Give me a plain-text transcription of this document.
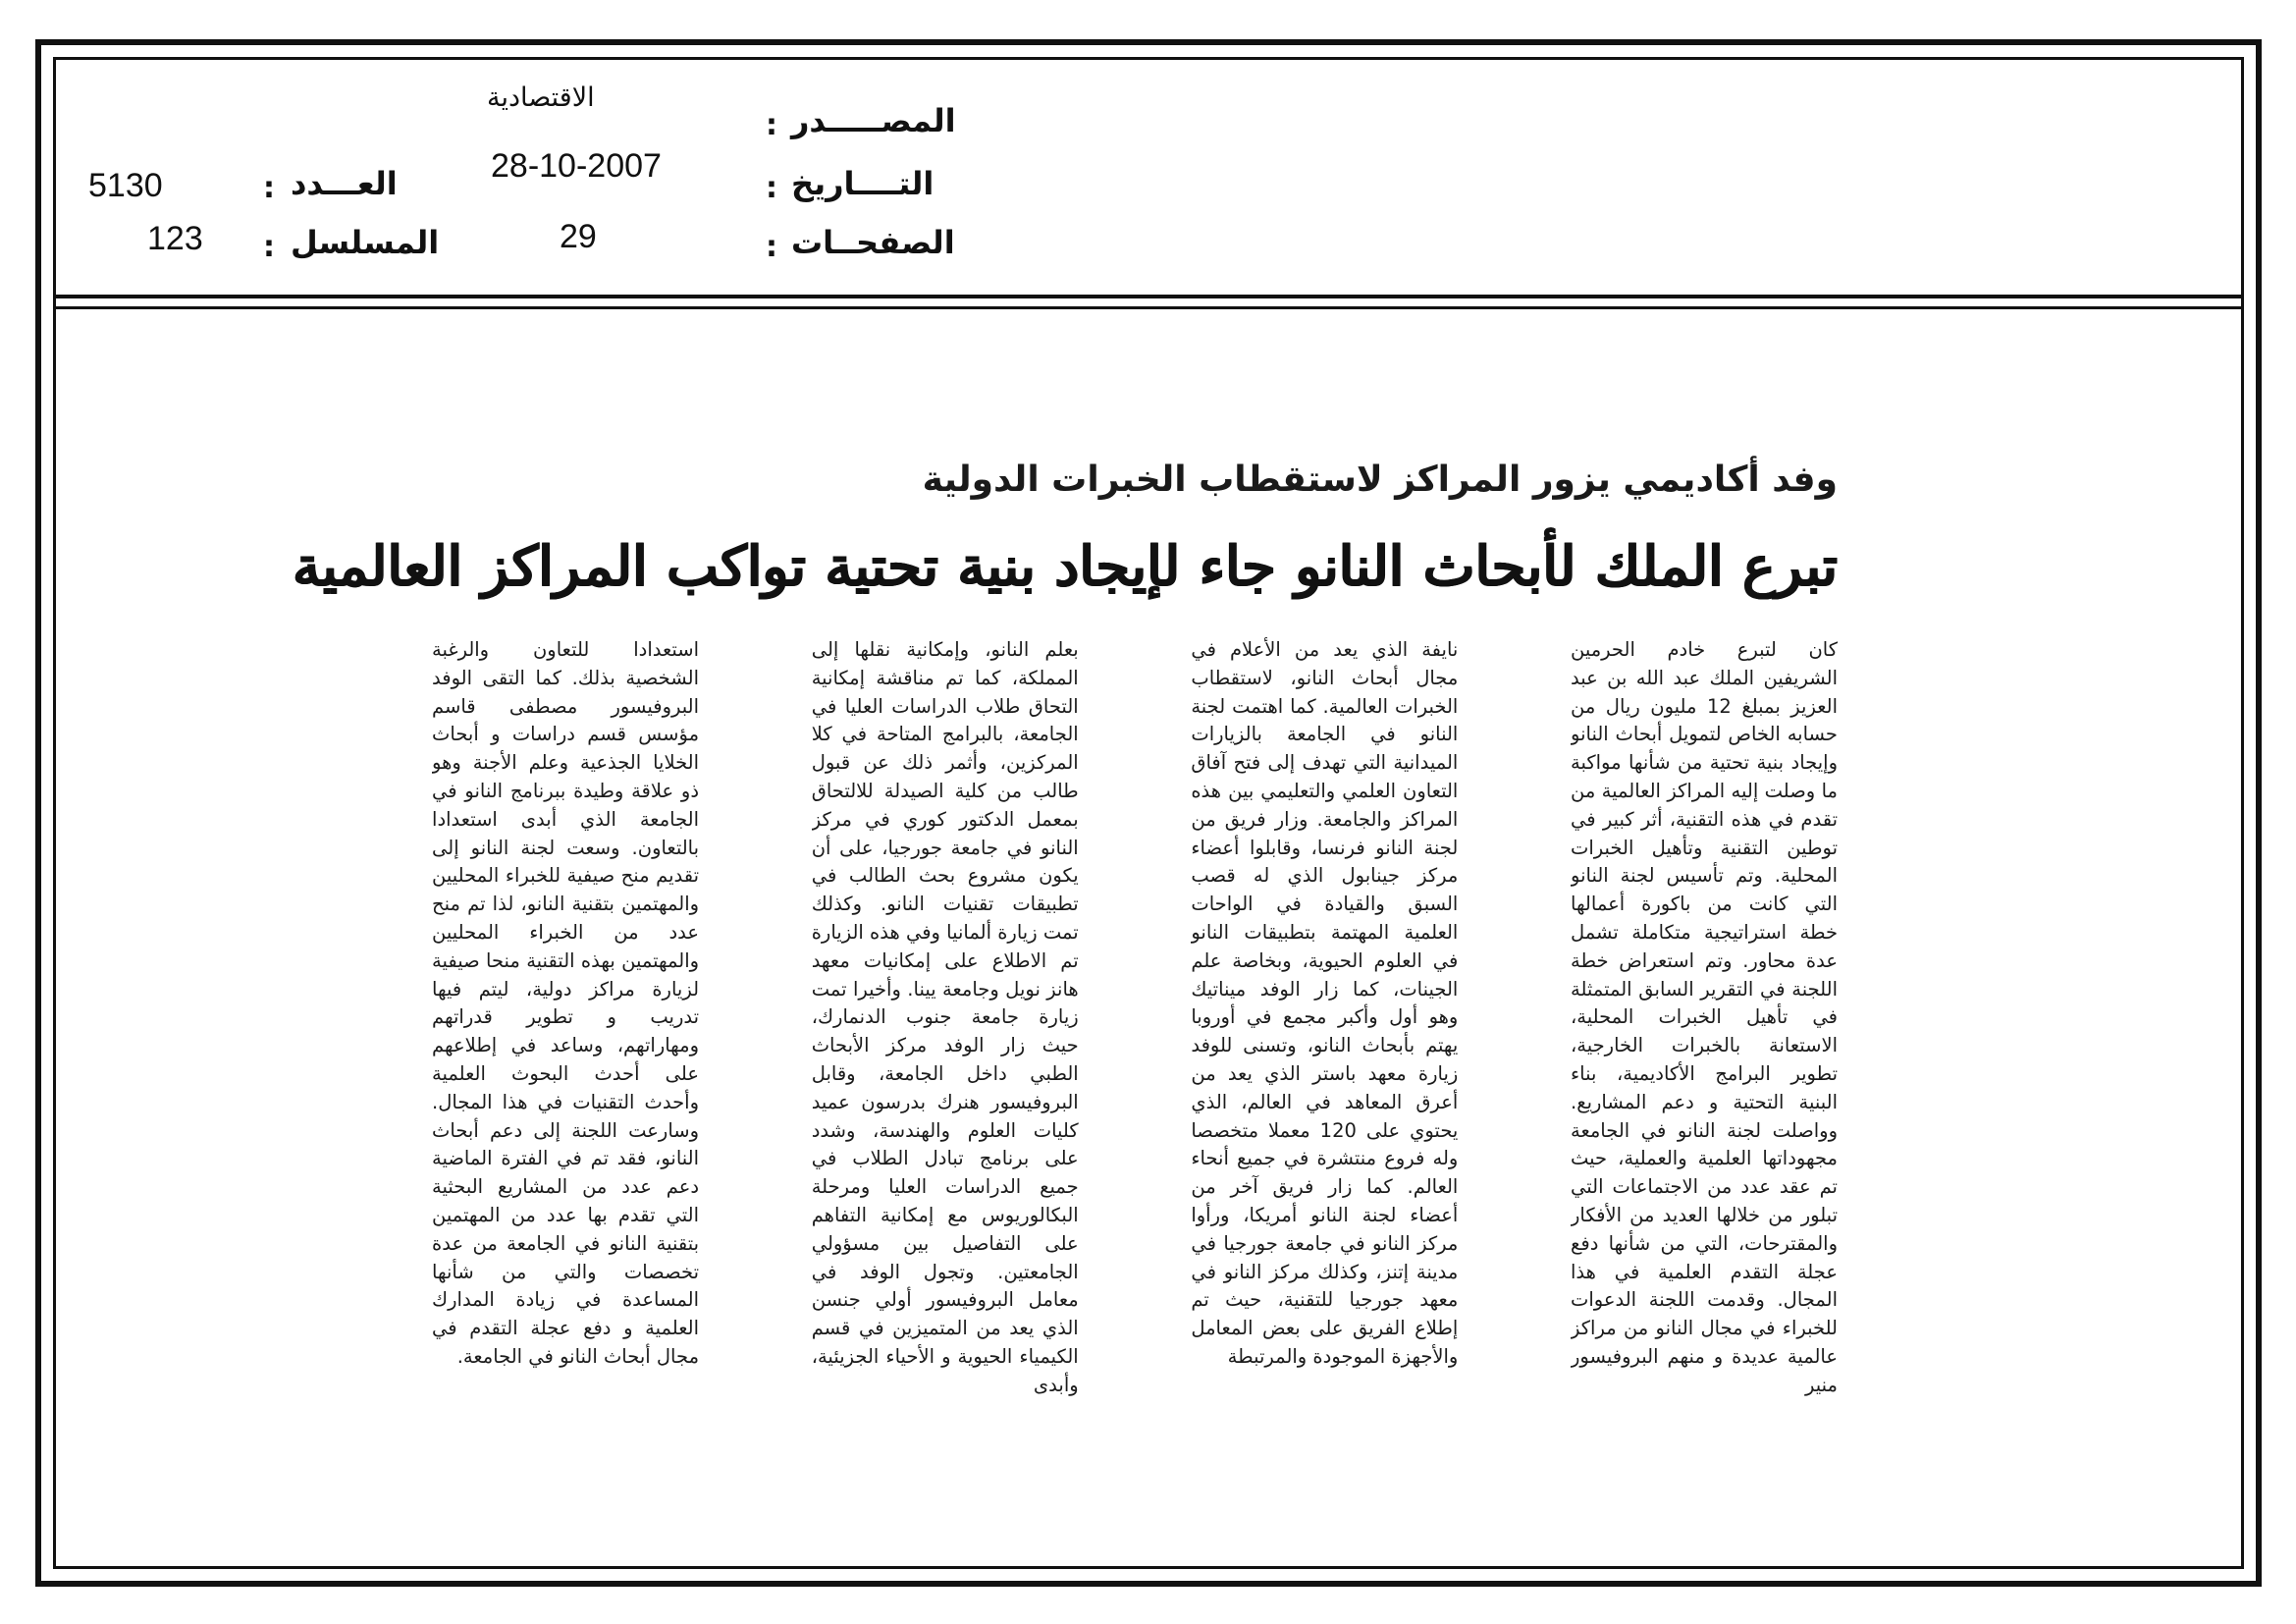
المصـــــدر
:
التــــاريخ
:
الصفحــات
:
الاقتصادية
28-10-2007
29
العـــدد
:
المسلسل
:
5130
123
وفد أكاديمي يزور المراكز لاستقطاب الخبرات الدولية
تبرع الملك لأبحاث النانو جاء لإيجاد بنية تحتية تواكب المراكز العالمية

كان لتبرع خادم الحرمين الشريفين الملك عبد الله بن عبد العزيز بمبلغ 12 مليون ريال من حسابه الخاص لتمويل أبحاث النانو وإيجاد بنية تحتية من شأنها مواكبة ما وصلت إليه المراكز العالمية من تقدم في هذه التقنية، أثر كبير في توطين التقنية وتأهيل الخبرات المحلية. وتم تأسيس لجنة النانو التي كانت من باكورة أعمالها خطة استراتيجية متكاملة تشمل عدة محاور. وتم استعراض خطة اللجنة في التقرير السابق المتمثلة في تأهيل الخبرات المحلية، الاستعانة بالخبرات الخارجية، تطوير البرامج الأكاديمية، بناء البنية التحتية و دعم المشاريع. وواصلت لجنة النانو في الجامعة مجهوداتها العلمية والعملية، حيث تم عقد عدد من الاجتماعات التي تبلور من خلالها العديد من الأفكار والمقترحات، التي من شأنها دفع عجلة التقدم العلمية في هذا المجال. وقدمت اللجنة الدعوات للخبراء في مجال النانو من مراكز عالمية عديدة و منهم البروفيسور منير

نايفة الذي يعد من الأعلام في مجال أبحاث النانو، لاستقطاب الخبرات العالمية. كما اهتمت لجنة النانو في الجامعة بالزيارات الميدانية التي تهدف إلى فتح آفاق التعاون العلمي والتعليمي بين هذه المراكز والجامعة. وزار فريق من لجنة النانو فرنسا، وقابلوا أعضاء مركز جينابول الذي له قصب السبق والقيادة في الواحات العلمية المهتمة بتطبيقات النانو في العلوم الحيوية، وبخاصة علم الجينات، كما زار الوفد ميناتيك وهو أول وأكبر مجمع في أوروبا يهتم بأبحاث النانو، وتسنى للوفد زيارة معهد باستر الذي يعد من أعرق المعاهد في العالم، الذي يحتوي على 120 معملا متخصصا وله فروع منتشرة في جميع أنحاء العالم. كما زار فريق آخر من أعضاء لجنة النانو أمريكا، ورأوا مركز النانو في جامعة جورجيا في مدينة إتنز، وكذلك مركز النانو في معهد جورجيا للتقنية، حيث تم إطلاع الفريق على بعض المعامل والأجهزة الموجودة والمرتبطة

بعلم النانو، وإمكانية نقلها إلى المملكة، كما تم مناقشة إمكانية التحاق طلاب الدراسات العليا في الجامعة، بالبرامج المتاحة في كلا المركزين، وأثمر ذلك عن قبول طالب من كلية الصيدلة للالتحاق بمعمل الدكتور كوري في مركز النانو في جامعة جورجيا، على أن يكون مشروع بحث الطالب في تطبيقات تقنيات النانو. وكذلك تمت زيارة ألمانيا وفي هذه الزيارة تم الاطلاع على إمكانيات معهد هانز نويل وجامعة يينا. وأخيرا تمت زيارة جامعة جنوب الدنمارك، حيث زار الوفد مركز الأبحاث الطبي داخل الجامعة، وقابل البروفيسور هنرك بدرسون عميد كليات العلوم والهندسة، وشدد على برنامج تبادل الطلاب في جميع الدراسات العليا ومرحلة البكالوريوس مع إمكانية التفاهم على التفاصيل بين مسؤولي الجامعتين. وتجول الوفد في معامل البروفيسور أولي جنسن الذي يعد من المتميزين في قسم الكيمياء الحيوية و الأحياء الجزيئية، وأبدى

استعدادا للتعاون والرغبة الشخصية بذلك. كما التقى الوفد البروفيسور مصطفى قاسم مؤسس قسم دراسات و أبحاث الخلايا الجذعية وعلم الأجنة وهو ذو علاقة وطيدة ببرنامج النانو في الجامعة الذي أبدى استعدادا بالتعاون. وسعت لجنة النانو إلى تقديم منح صيفية للخبراء المحليين والمهتمين بتقنية النانو، لذا تم منح عدد من الخبراء المحليين والمهتمين بهذه التقنية منحا صيفية لزيارة مراكز دولية، ليتم فيها تدريب و تطوير قدراتهم ومهاراتهم، وساعد في إطلاعهم على أحدث البحوث العلمية وأحدث التقنيات في هذا المجال. وسارعت اللجنة إلى دعم أبحاث النانو، فقد تم في الفترة الماضية دعم عدد من المشاريع البحثية التي تقدم بها عدد من المهتمين بتقنية النانو في الجامعة من عدة تخصصات والتي من شأنها المساعدة في زيادة المدارك العلمية و دفع عجلة التقدم في مجال أبحاث النانو في الجامعة.
